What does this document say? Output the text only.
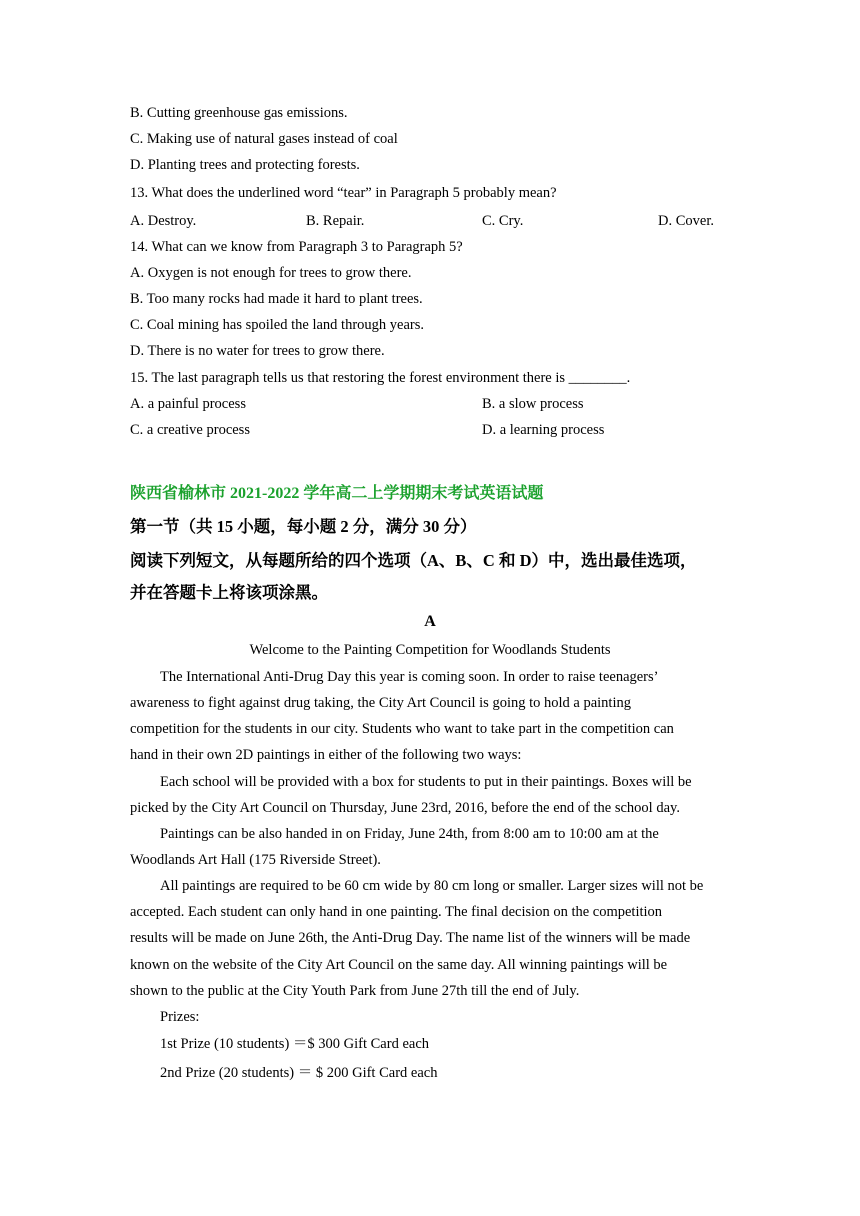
B. Cutting greenhouse gas emissions.
C. Making use of natural gases instead of coal
D. Planting trees and protecting forests.
13. What does the underlined word “tear” in Paragraph 5 probably mean?
A. Destroy.	B. Repair.	C. Cry.	D. Cover.
14. What can we know from Paragraph 3 to Paragraph 5?
A. Oxygen is not enough for trees to grow there.
B. Too many rocks had made it hard to plant trees.
C. Coal mining has spoiled the land through years.
D. There is no water for trees to grow there.
15. The last paragraph tells us that restoring the forest environment there is ________.
A. a painful process	B. a slow process
C. a creative process	D. a learning process
陕西省榆林市 2021-2022 学年高二上学期期末考试英语试题
第一节（共 15 小题，每小题 2 分，满分 30 分）
阅读下列短文，从每题所给的四个选项（A、B、C 和 D）中，选出最佳选项，
并在答题卡上将该项涂黑。
A
Welcome to the Painting Competition for Woodlands Students
The International Anti-Drug Day this year is coming soon. In order to raise teenagers’
awareness to fight against drug taking, the City Art Council is going to hold a painting
competition for the students in our city. Students who want to take part in the competition can
hand in their own 2D paintings in either of the following two ways:
Each school will be provided with a box for students to put in their paintings. Boxes will be
picked by the City Art Council on Thursday, June 23rd, 2016, before the end of the school day.
Paintings can be also handed in on Friday, June 24th, from 8:00 am to 10:00 am at the
Woodlands Art Hall (175 Riverside Street).
All paintings are required to be 60 cm wide by 80 cm long or smaller. Larger sizes will not be
accepted. Each student can only hand in one painting. The final decision on the competition
results will be made on June 26th, the Anti-Drug Day. The name list of the winners will be made
known on the website of the City Art Council on the same day. All winning paintings will be
shown to the public at the City Youth Park from June 27th till the end of July.
Prizes:
1st Prize (10 students) ＝$ 300 Gift Card each
2nd Prize (20 students) ＝ $ 200 Gift Card each
